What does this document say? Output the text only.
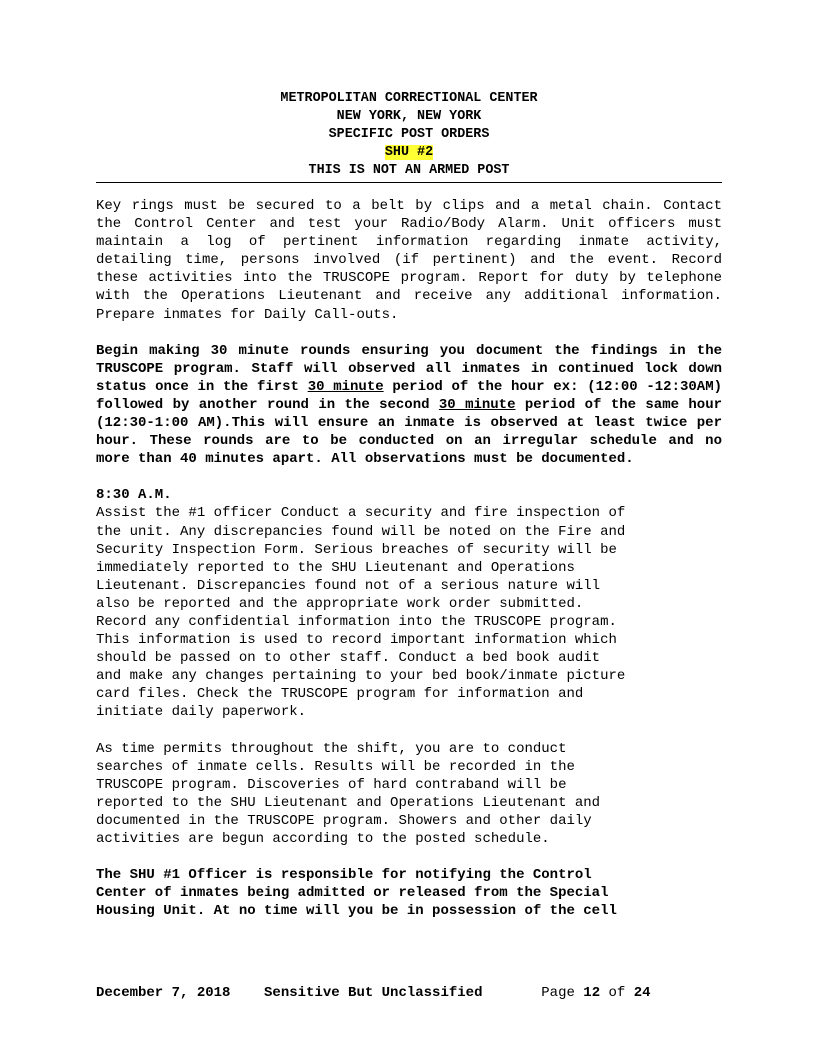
METROPOLITAN CORRECTIONAL CENTER
NEW YORK, NEW YORK
SPECIFIC POST ORDERS
SHU #2
THIS IS NOT AN ARMED POST

Key rings must be secured to a belt by clips and a metal chain. Contact the Control Center and test your Radio/Body Alarm. Unit officers must maintain a log of pertinent information regarding inmate activity, detailing time, persons involved (if pertinent) and the event. Record these activities into the TRUSCOPE program. Report for duty by telephone with the Operations Lieutenant and receive any additional information. Prepare inmates for Daily Call-outs.

Begin making 30 minute rounds ensuring you document the findings in the TRUSCOPE program. Staff will observed all inmates in continued lock down status once in the first 30 minute period of the hour ex: (12:00 -12:30AM) followed by another round in the second 30 minute period of the same hour (12:30-1:00 AM).This will ensure an inmate is observed at least twice per hour. These rounds are to be conducted on an irregular schedule and no more than 40 minutes apart. All observations must be documented.

8:30 A.M.

Assist the #1 officer Conduct a security and fire inspection of
the unit. Any discrepancies found will be noted on the Fire and
Security Inspection Form. Serious breaches of security will be
immediately reported to the SHU Lieutenant and Operations
Lieutenant. Discrepancies found not of a serious nature will
also be reported and the appropriate work order submitted.
Record any confidential information into the TRUSCOPE program.
This information is used to record important information which
should be passed on to other staff. Conduct a bed book audit
and make any changes pertaining to your bed book/inmate picture
card files. Check the TRUSCOPE program for information and
initiate daily paperwork.

As time permits throughout the shift, you are to conduct
searches of inmate cells. Results will be recorded in the
TRUSCOPE program. Discoveries of hard contraband will be
reported to the SHU Lieutenant and Operations Lieutenant and
documented in the TRUSCOPE program. Showers and other daily
activities are begun according to the posted schedule.

The SHU #1 Officer is responsible for notifying the Control
Center of inmates being admitted or released from the Special
Housing Unit. At no time will you be in possession of the cell

December 7, 2018 Sensitive But Unclassified	Page 12 of 24
